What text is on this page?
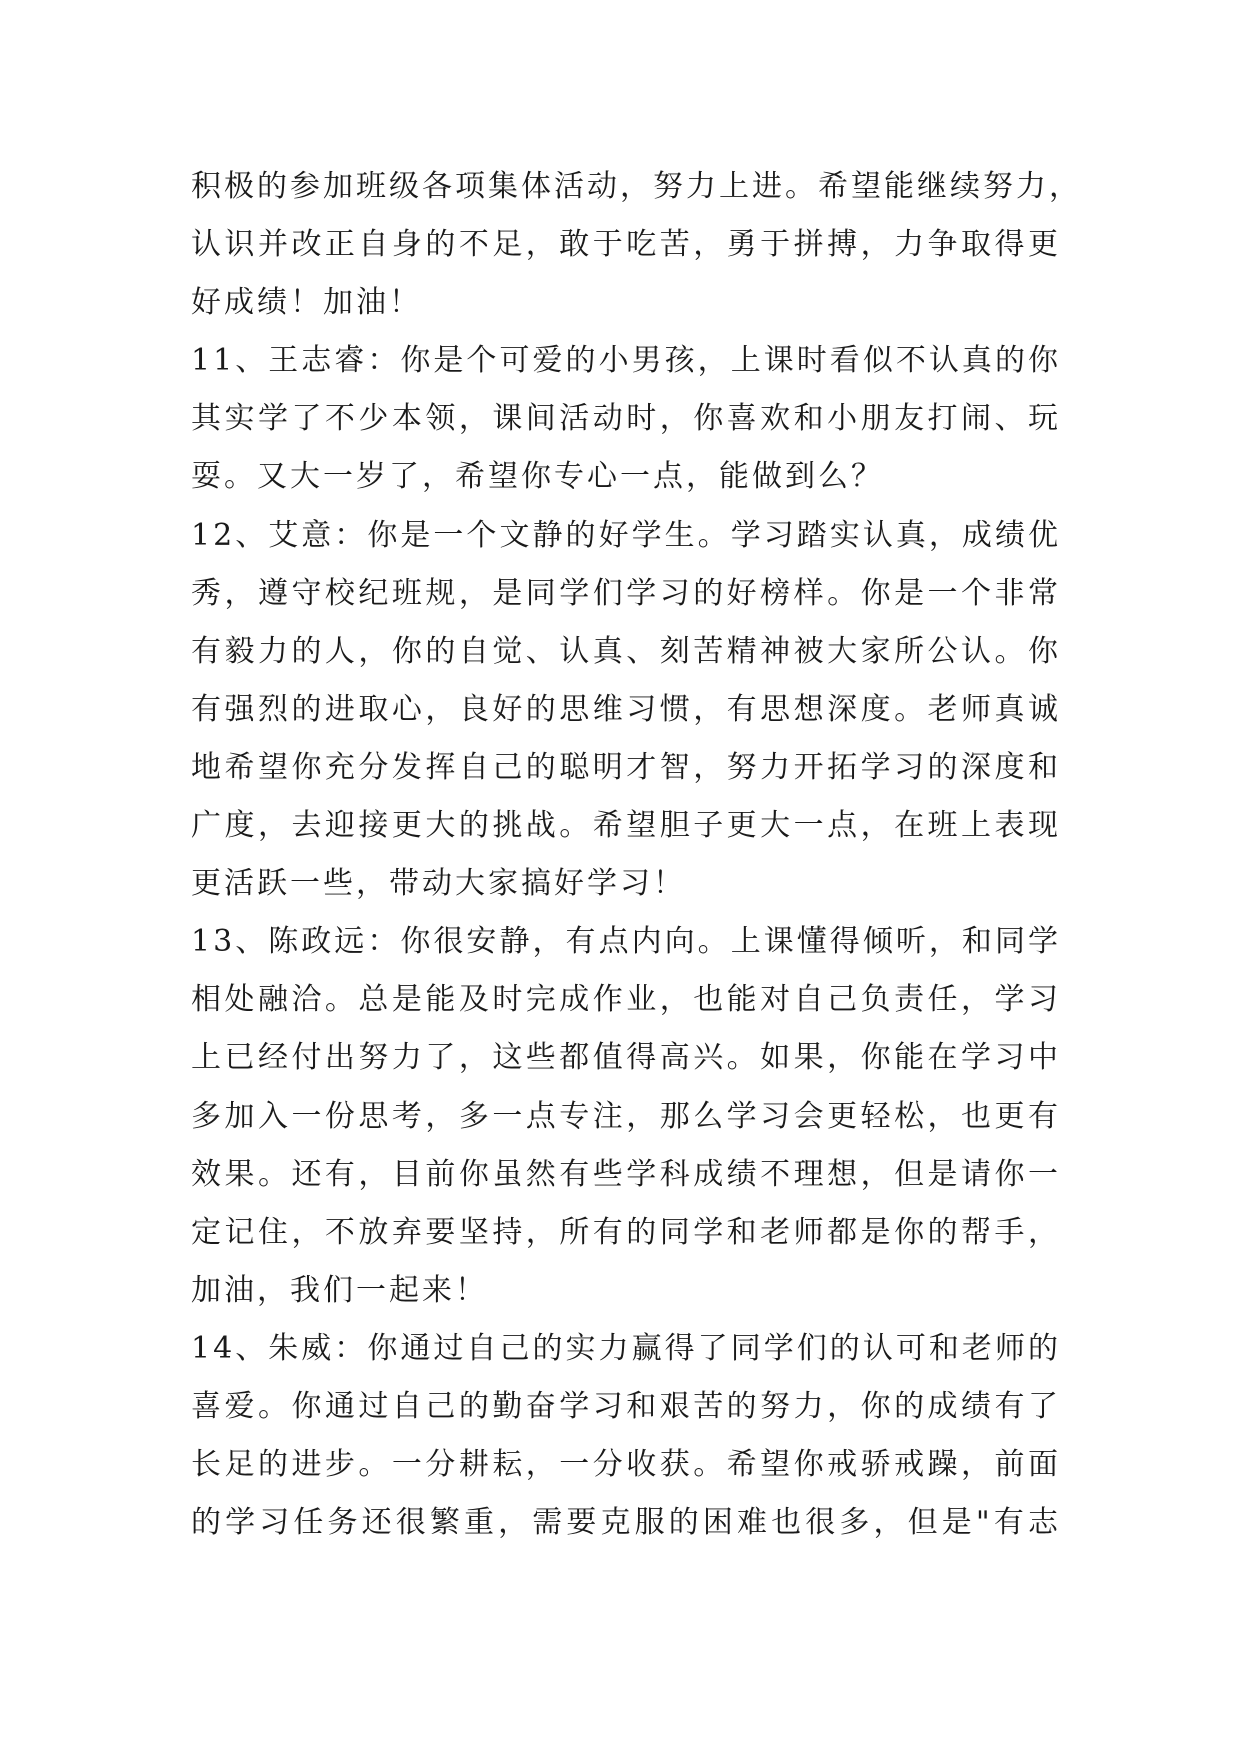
积极的参加班级各项集体活动，努力上进。希望能继续努力，
认识并改正自身的不足，敢于吃苦，勇于拼搏，力争取得更
好成绩！加油！
11、王志睿：你是个可爱的小男孩，上课时看似不认真的你
其实学了不少本领，课间活动时，你喜欢和小朋友打闹、玩
耍。又大一岁了，希望你专心一点，能做到么？
12、艾意：你是一个文静的好学生。学习踏实认真，成绩优
秀，遵守校纪班规，是同学们学习的好榜样。你是一个非常
有毅力的人，你的自觉、认真、刻苦精神被大家所公认。你
有强烈的进取心，良好的思维习惯，有思想深度。老师真诚
地希望你充分发挥自己的聪明才智，努力开拓学习的深度和
广度，去迎接更大的挑战。希望胆子更大一点，在班上表现
更活跃一些，带动大家搞好学习！
13、陈政远：你很安静，有点内向。上课懂得倾听，和同学
相处融洽。总是能及时完成作业，也能对自己负责任，学习
上已经付出努力了，这些都值得高兴。如果，你能在学习中
多加入一份思考，多一点专注，那么学习会更轻松，也更有
效果。还有，目前你虽然有些学科成绩不理想，但是请你一
定记住，不放弃要坚持，所有的同学和老师都是你的帮手，
加油，我们一起来！
14、朱威：你通过自己的实力赢得了同学们的认可和老师的
喜爱。你通过自己的勤奋学习和艰苦的努力，你的成绩有了
长足的进步。一分耕耘，一分收获。希望你戒骄戒躁，前面
的学习任务还很繁重，需要克服的困难也很多，但是"有志
